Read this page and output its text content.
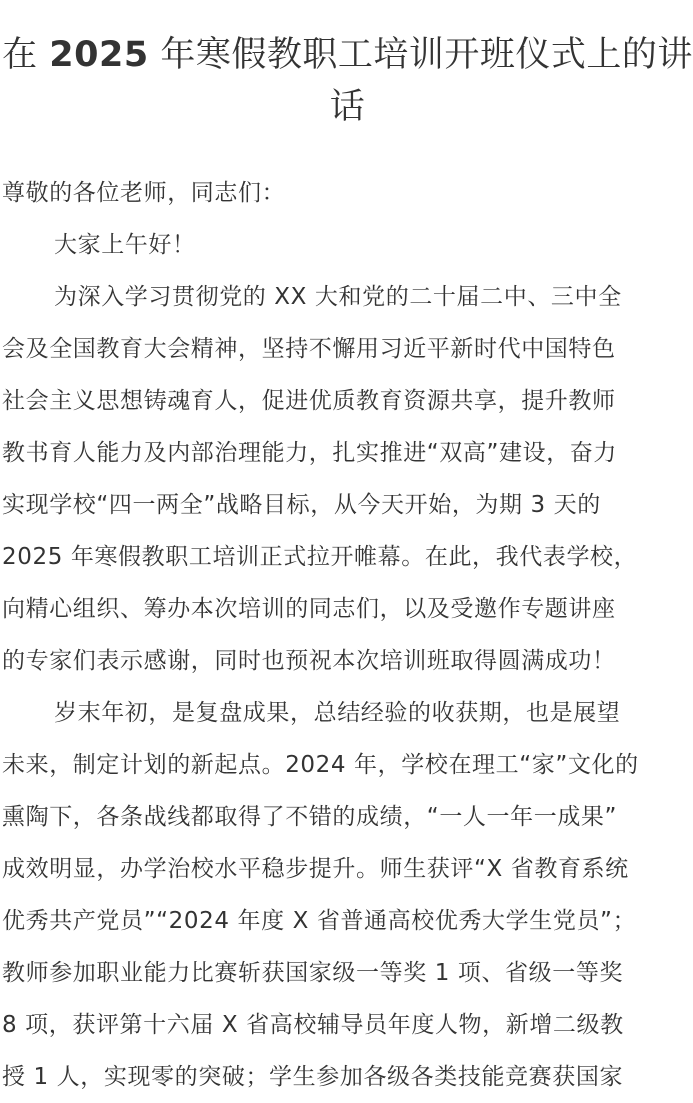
在 2025 年寒假教职工培训开班仪式上的讲话
尊敬的各位老师，同志们：
大家上午好！
为深入学习贯彻党的 XX 大和党的二十届二中、三中全
会及全国教育大会精神，坚持不懈用习近平新时代中国特色
社会主义思想铸魂育人，促进优质教育资源共享，提升教师
教书育人能力及内部治理能力，扎实推进“双高”建设，奋力
实现学校“四一两全”战略目标，从今天开始，为期 3 天的
2025 年寒假教职工培训正式拉开帷幕。在此，我代表学校，
向精心组织、筹办本次培训的同志们，以及受邀作专题讲座
的专家们表示感谢，同时也预祝本次培训班取得圆满成功！
岁末年初，是复盘成果，总结经验的收获期，也是展望
未来，制定计划的新起点。2024 年，学校在理工“家”文化的
熏陶下，各条战线都取得了不错的成绩，“一人一年一成果”
成效明显，办学治校水平稳步提升。师生获评“X 省教育系统
优秀共产党员”“2024 年度 X 省普通高校优秀大学生党员”；
教师参加职业能力比赛斩获国家级一等奖 1 项、省级一等奖
8 项，获评第十六届 X 省高校辅导员年度人物，新增二级教
授 1 人，实现零的突破；学生参加各级各类技能竞赛获国家
